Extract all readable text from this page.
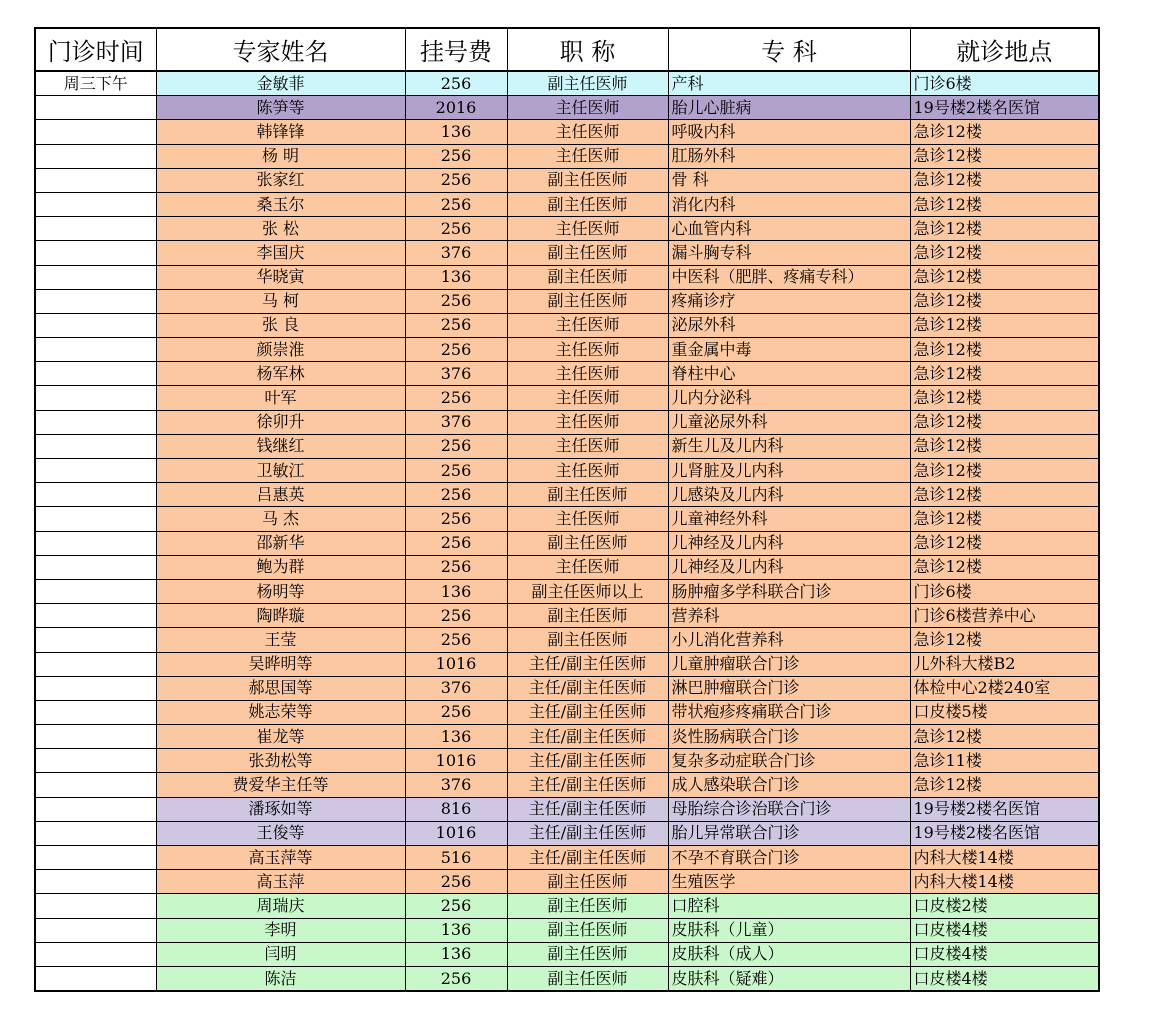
门诊时间	专家姓名	挂号费	职 称	专 科	就诊地点
周三下午	金敏菲	256	副主任医师	产科	门诊6楼
	陈笋等	2016	主任医师	胎儿心脏病	19号楼2楼名医馆
	韩锋锋	136	主任医师	呼吸内科	急诊12楼
	杨 明	256	主任医师	肛肠外科	急诊12楼
	张家红	256	副主任医师	骨 科	急诊12楼
	桑玉尔	256	副主任医师	消化内科	急诊12楼
	张 松	256	主任医师	心血管内科	急诊12楼
	李国庆	376	副主任医师	漏斗胸专科	急诊12楼
	华晓寅	136	副主任医师	中医科（肥胖、疼痛专科）	急诊12楼
	马 柯	256	副主任医师	疼痛诊疗	急诊12楼
	张 良	256	主任医师	泌尿外科	急诊12楼
	颜崇淮	256	主任医师	重金属中毒	急诊12楼
	杨军林	376	主任医师	脊柱中心	急诊12楼
	叶军	256	主任医师	儿内分泌科	急诊12楼
	徐卯升	376	主任医师	儿童泌尿外科	急诊12楼
	钱继红	256	主任医师	新生儿及儿内科	急诊12楼
	卫敏江	256	主任医师	儿肾脏及儿内科	急诊12楼
	吕惠英	256	副主任医师	儿感染及儿内科	急诊12楼
	马 杰	256	主任医师	儿童神经外科	急诊12楼
	邵新华	256	副主任医师	儿神经及儿内科	急诊12楼
	鲍为群	256	主任医师	儿神经及儿内科	急诊12楼
	杨明等	136	副主任医师以上	肠肿瘤多学科联合门诊	门诊6楼
	陶晔璇	256	副主任医师	营养科	门诊6楼营养中心
	王莹	256	副主任医师	小儿消化营养科	急诊12楼
	吴晔明等	1016	主任/副主任医师	儿童肿瘤联合门诊	儿外科大楼B2
	郝思国等	376	主任/副主任医师	淋巴肿瘤联合门诊	体检中心2楼240室
	姚志荣等	256	主任/副主任医师	带状疱疹疼痛联合门诊	口皮楼5楼
	崔龙等	136	主任/副主任医师	炎性肠病联合门诊	急诊12楼
	张劲松等	1016	主任/副主任医师	复杂多动症联合门诊	急诊11楼
	费爱华主任等	376	主任/副主任医师	成人感染联合门诊	急诊12楼
	潘琢如等	816	主任/副主任医师	母胎综合诊治联合门诊	19号楼2楼名医馆
	王俊等	1016	主任/副主任医师	胎儿异常联合门诊	19号楼2楼名医馆
	高玉萍等	516	主任/副主任医师	不孕不育联合门诊	内科大楼14楼
	高玉萍	256	副主任医师	生殖医学	内科大楼14楼
	周瑞庆	256	副主任医师	口腔科	口皮楼2楼
	李明	136	副主任医师	皮肤科（儿童）	口皮楼4楼
	闫明	136	副主任医师	皮肤科（成人）	口皮楼4楼
	陈洁	256	副主任医师	皮肤科（疑难）	口皮楼4楼
